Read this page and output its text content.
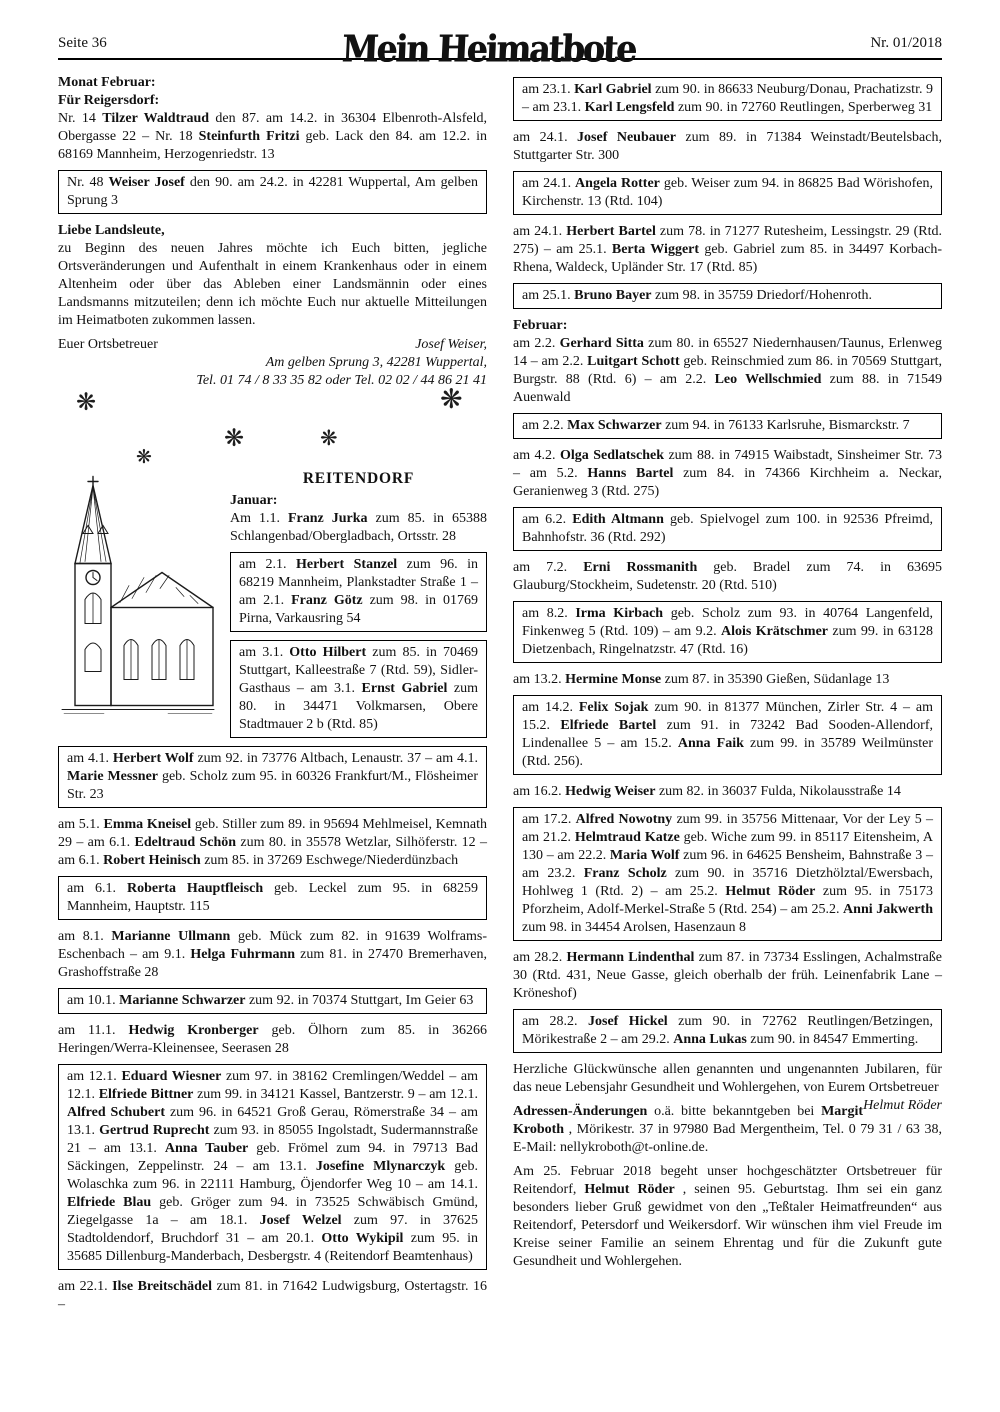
Seite 36	Mein Heimatbote	Nr. 01/2018

Monat Februar:

Für Reigersdorf:

Nr. 14 Tilzer Waldtraud den 87. am 14.2. in 36304 Elbenroth-Alsfeld, Obergasse 22 – Nr. 18 Steinfurth Fritzi geb. Lack den 84. am 12.2. in 68169 Mannheim, Herzogenriedstr. 13

Nr. 48 Weiser Josef den 90. am 24.2. in 42281 Wuppertal, Am gelben Sprung 3

Liebe Landsleute,

zu Beginn des neuen Jahres möchte ich Euch bitten, jegliche Ortsveränderungen und Aufenthalt in einem Krankenhaus oder in einem Altenheim oder über das Ableben einer Landsmännin oder eines Landsmanns mitzuteilen; denn ich möchte Euch nur aktuelle Mitteilungen im Heimatboten zukommen lassen.

Euer Ortsbetreuer	Josef Weiser,

Am gelben Sprung 3, 42281 Wuppertal,

Tel. 01 74 / 8 33 35 82 oder Tel. 02 02 / 44 86 21 41

❋	❋
❋	❋
❋

REITENDORF

Januar:

Am 1.1. Franz Jurka zum 85. in 65388 Schlangenbad/Obergladbach, Ortsstr. 28

am 2.1. Herbert Stanzel zum 96. in 68219 Mannheim, Plankstadter Straße 1 – am 2.1. Franz Götz zum 98. in 01769 Pirna, Varkausring 54
am 3.1. Otto Hilbert zum 85. in 70469 Stuttgart, Kalleestraße 7 (Rtd. 59), Sidler-Gasthaus – am 3.1. Ernst Gabriel zum 80. in 34471 Volkmarsen, Obere Stadtmauer 2 b (Rtd. 85)
am 4.1. Herbert Wolf zum 92. in 73776 Altbach, Lenaustr. 37 – am 4.1. Marie Messner geb. Scholz zum 95. in 60326 Frankfurt/M., Flösheimer Str. 23

am 5.1. Emma Kneisel geb. Stiller zum 89. in 95694 Mehlmeisel, Kemnath 29 – am 6.1. Edeltraud Schön zum 80. in 35578 Wetzlar, Silhöferstr. 12 – am 6.1. Robert Heinisch zum 85. in 37269 Eschwege/Niederdünzbach

am 6.1. Roberta Hauptfleisch geb. Leckel zum 95. in 68259 Mannheim, Hauptstr. 115

am 8.1. Marianne Ullmann geb. Mück zum 82. in 91639 Wolframs-Eschenbach – am 9.1. Helga Fuhrmann zum 81. in 27470 Bremerhaven, Grashoffstraße 28

am 10.1. Marianne Schwarzer zum 92. in 70374 Stuttgart, Im Geier 63

am 11.1. Hedwig Kronberger geb. Ölhorn zum 85. in 36266 Heringen/Werra-Kleinensee, Seerasen 28

am 12.1. Eduard Wiesner zum 97. in 38162 Cremlingen/Weddel – am 12.1. Elfriede Bittner zum 99. in 34121 Kassel, Bantzerstr. 9 – am 12.1. Alfred Schubert zum 96. in 64521 Groß Gerau, Römerstraße 34 – am 13.1. Gertrud Ruprecht zum 93. in 85055 Ingolstadt, Sudermannstraße 21 – am 13.1. Anna Tauber geb. Frömel zum 94. in 79713 Bad Säckingen, Zeppelinstr. 24 – am 13.1. Josefine Mlynarczyk geb. Wolaschka zum 96. in 22111 Hamburg, Öjendorfer Weg 10 – am 14.1. Elfriede Blau geb. Gröger zum 94. in 73525 Schwäbisch Gmünd, Ziegelgasse 1a – am 18.1. Josef Welzel zum 97. in 37625 Stadtoldendorf, Bruchdorf 31 – am 20.1. Otto Wykipil zum 95. in 35685 Dillenburg-Manderbach, Desbergstr. 4 (Reitendorf Beamtenhaus)

am 22.1. Ilse Breitschädel zum 81. in 71642 Ludwigsburg, Ostertagstr. 16 –

am 23.1. Karl Gabriel zum 90. in 86633 Neuburg/Donau, Prachatizstr. 9 – am 23.1. Karl Lengsfeld zum 90. in 72760 Reutlingen, Sperberweg 31

am 24.1. Josef Neubauer zum 89. in 71384 Weinstadt/Beutelsbach, Stuttgarter Str. 300

am 24.1. Angela Rotter geb. Weiser zum 94. in 86825 Bad Wörishofen, Kirchenstr. 13 (Rtd. 104)

am 24.1. Herbert Bartel zum 78. in 71277 Rutesheim, Lessingstr. 29 (Rtd. 275) – am 25.1. Berta Wiggert geb. Gabriel zum 85. in 34497 Korbach-Rhena, Waldeck, Upländer Str. 17 (Rtd. 85)

am 25.1. Bruno Bayer zum 98. in 35759 Driedorf/Hohenroth.

Februar:

am 2.2. Gerhard Sitta zum 80. in 65527 Niedernhausen/Taunus, Erlenweg 14 – am 2.2. Luitgart Schott geb. Reinschmied zum 86. in 70569 Stuttgart, Burgstr. 88 (Rtd. 6) – am 2.2. Leo Wellschmied zum 88. in 71549 Auenwald

am 2.2. Max Schwarzer zum 94. in 76133 Karlsruhe, Bismarckstr. 7

am 4.2. Olga Sedlatschek zum 88. in 74915 Waibstadt, Sinsheimer Str. 73 – am 5.2. Hanns Bartel zum 84. in 74366 Kirchheim a. Neckar, Geranienweg 3 (Rtd. 275)

am 6.2. Edith Altmann geb. Spielvogel zum 100. in 92536 Pfreimd, Bahnhofstr. 36 (Rtd. 292)

am 7.2. Erni Rossmanith geb. Bradel zum 74. in 63695 Glauburg/Stockheim, Sudetenstr. 20 (Rtd. 510)

am 8.2. Irma Kirbach geb. Scholz zum 93. in 40764 Langenfeld, Finkenweg 5 (Rtd. 109) – am 9.2. Alois Krätschmer zum 99. in 63128 Dietzenbach, Ringelnatzstr. 47 (Rtd. 16)

am 13.2. Hermine Monse zum 87. in 35390 Gießen, Südanlage 13

am 14.2. Felix Sojak zum 90. in 81377 München, Zirler Str. 4 – am 15.2. Elfriede Bartel zum 91. in 73242 Bad Sooden-Allendorf, Lindenallee 5 – am 15.2. Anna Faik zum 99. in 35789 Weilmünster (Rtd. 256).

am 16.2. Hedwig Weiser zum 82. in 36037 Fulda, Nikolausstraße 14

am 17.2. Alfred Nowotny zum 99. in 35756 Mittenaar, Vor der Ley 5 – am 21.2. Helmtraud Katze geb. Wiche zum 99. in 85117 Eitensheim, A 130 – am 22.2. Maria Wolf zum 96. in 64625 Bensheim, Bahnstraße 3 – am 23.2. Franz Scholz zum 90. in 35716 Dietzhölztal/Ewersbach, Hohlweg 1 (Rtd. 2) – am 25.2. Helmut Röder zum 95. in 75173 Pforzheim, Adolf-Merkel-Straße 5 (Rtd. 254) – am 25.2. Anni Jakwerth zum 98. in 34454 Arolsen, Hasenzaun 8

am 28.2. Hermann Lindenthal zum 87. in 73734 Esslingen, Achalmstraße 30 (Rtd. 431, Neue Gasse, gleich oberhalb der früh. Leinenfabrik Lane – Kröneshof)

am 28.2. Josef Hickel zum 90. in 72762 Reutlingen/Betzingen, Mörikestraße 2 – am 29.2. Anna Lukas zum 90. in 84547 Emmerting.

Herzliche Glückwünsche allen genannten und ungenannten Jubilaren, für das neue Lebensjahr Gesundheit und Wohlergehen, von Eurem Ortsbetreuer
Helmut Röder

Adressen-Änderungen o.ä. bitte bekanntgeben bei Margit Kroboth , Mörikestr. 37 in 97980 Bad Mergentheim, Tel. 0 79 31 / 63 38, E-Mail: nellykroboth@t-online.de.

Am 25. Februar 2018 begeht unser hochgeschätzter Ortsbetreuer für Reitendorf, Helmut Röder , seinen 95. Geburtstag. Ihm sei ein ganz besonders lieber Gruß gewidmet von den „Teßtaler Heimatfreunden“ aus Reitendorf, Petersdorf und Weikersdorf. Wir wünschen ihm viel Freude im Kreise seiner Familie an seinem Ehrentag und für die Zukunft gute Gesundheit und Wohlergehen.
